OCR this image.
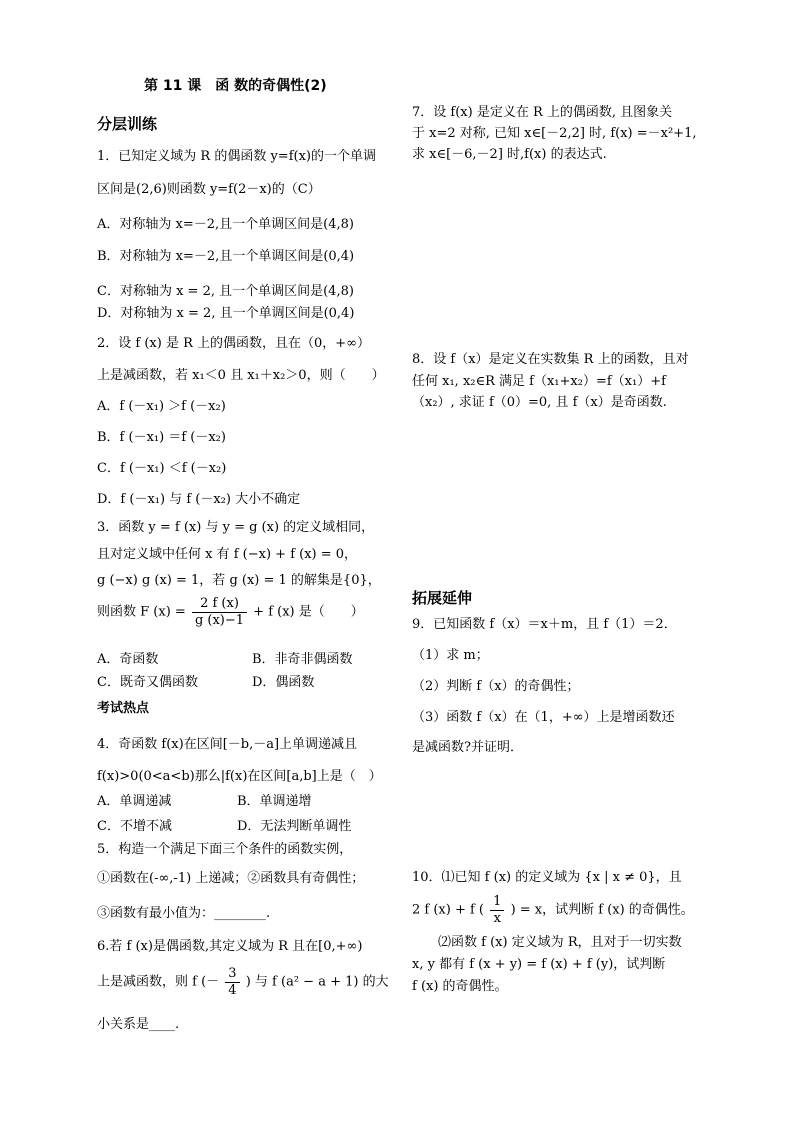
第 11 课　函 数的奇偶性(2)
分层训练
1．已知定义域为 R 的偶函数 y=f(x)的一个单调
区间是(2,6)则函数 y=f(2－x)的（C）
A．对称轴为 x=－2,且一个单调区间是(4,8)
B．对称轴为 x=－2,且一个单调区间是(0,4)
C．对称轴为 x = 2, 且一个单调区间是(4,8)
D．对称轴为 x = 2, 且一个单调区间是(0,4)
2．设 f (x) 是 R 上的偶函数，且在（0，+∞）
上是减函数，若 x₁＜0 且 x₁＋x₂＞0，则（　　）
A．f (－x₁) ＞f (－x₂)
B．f (－x₁) ＝f (－x₂)
C．f (－x₁) ＜f (－x₂)
D．f (－x₁) 与 f (－x₂) 大小不确定
3．函数 y = f (x) 与 y = g (x) 的定义域相同，
且对定义域中任何 x 有 f (−x) + f (x) = 0，
g (−x) g (x) = 1，若 g (x) = 1 的解集是{0}，
则函数 F $(x) = \frac{2 f (x)}{g (x)-1} + f$ (x) 是（　　）
A．奇函数	B．非奇非偶函数
C．既奇又偶函数	D．偶函数
考试热点
4．奇函数 f(x)在区间[－b,－a]上单调递减且
f(x)>0(0<a<b)那么|f(x)在区间[a,b]上是（　）
A．单调递减	B．单调递增
C．不增不减	D．无法判断单调性
5．构造一个满足下面三个条件的函数实例，
①函数在(-∞,-1) 上递减；②函数具有奇偶性；
③函数有最小值为：________.
6.若 f (x)是偶函数,其定义域为 R 且在[0,+∞)
上是减函数，则 f (－ $\frac{3}{4}$ ) 与 f (a² − a + 1) 的大
小关系是____.
7．设 f(x) 是定义在 R 上的偶函数, 且图象关
于 x=2 对称, 已知 x∈[－2,2] 时, f(x) =－x²+1,
求 x∈[－6,－2] 时,f(x) 的表达式.
8．设 f（x）是定义在实数集 R 上的函数，且对
任何 x₁, x₂∈R 满足 f（x₁+x₂）=f（x₁）+f
（x₂）, 求证 f（0）=0, 且 f（x）是奇函数.
拓展延伸
9．已知函数 f（x）＝x＋m，且 f（1）＝2．
（1）求 m；
（2）判断 f（x）的奇偶性；
（3）函数 f（x）在（1，+∞）上是增函数还
是减函数?并证明．
10．⑴已知 f (x) 的定义域为 {x | x ≠ 0}，且
2 f (x) + f ( $\frac{1}{x}$ ) = x，试判断 f (x) 的奇偶性。
⑵函数 f (x) 定义域为 R，且对于一切实数
x, y 都有 f (x + y) = f (x) + f (y)，试判断
f (x) 的奇偶性。
